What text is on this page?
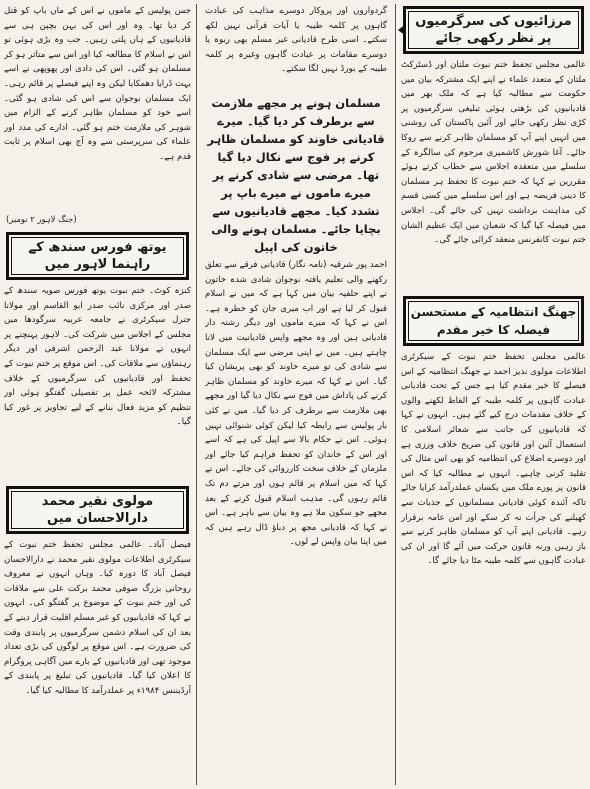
مرزائیوں کی سرگرمیوں پر نظر رکھی جائے

عالمی مجلس تحفظ ختم نبوت ملتان اور ڈسٹرکٹ ملتان کے متعدد علماء نے اپنے ایک مشترکہ بیان میں حکومت سے مطالبہ کیا ہے کہ ملک بھر میں قادیانیوں کی بڑھتی ہوئی تبلیغی سرگرمیوں پر کڑی نظر رکھی جائے اور آئین پاکستان کی روشنی میں انہیں اپنے آپ کو مسلمان ظاہر کرنے سے روکا جائے۔ آغا شورش کاشمیری مرحوم کی سالگرہ کے سلسلے میں منعقدہ اجلاس سے خطاب کرتے ہوئے مقررین نے کہا کہ ختم نبوت کا تحفظ ہر مسلمان کا دینی فریضہ ہے اور اس سلسلے میں کسی قسم کی مداہنت برداشت نہیں کی جائے گی۔ اجلاس میں فیصلہ کیا گیا کہ شعبان میں ایک عظیم الشان ختم نبوت کانفرنس منعقد کرائی جائے گی۔

جھنگ انتظامیہ کے مستحسن فیصلہ کا خیر مقدم

عالمی مجلس تحفظ ختم نبوت کے سیکرٹری اطلاعات مولوی نذیر احمد نے جھنگ انتظامیہ کے اس فیصلے کا خیر مقدم کیا ہے جس کے تحت قادیانی عبادت گاہوں پر کلمہ طیبہ کے الفاظ لکھنے والوں کے خلاف مقدمات درج کیے گئے ہیں۔ انہوں نے کہا کہ قادیانیوں کی جانب سے شعائر اسلامی کا استعمال آئین اور قانون کی صریح خلاف ورزی ہے اور دوسرے اضلاع کی انتظامیہ کو بھی اس مثال کی تقلید کرنی چاہیے۔ انہوں نے مطالبہ کیا کہ اس قانون پر پورے ملک میں یکساں عملدرآمد کرایا جائے تاکہ آئندہ کوئی قادیانی مسلمانوں کے جذبات سے کھیلنے کی جرأت نہ کر سکے اور امن عامہ برقرار رہے۔ قادیانی اپنے آپ کو مسلمان ظاہر کرنے سے باز رہیں ورنہ قانون حرکت میں آئے گا اور ان کی عبادت گاہوں سے کلمہ طیبہ مٹا دیا جائے گا۔

گردواروں اور پروکار دوسرے مذاہب کی عبادت گاہوں پر کلمہ طیبہ یا آیات قرآنی نہیں لکھ سکتے۔ اسی طرح قادیانی غیر مسلم بھی ربوہ یا دوسرے مقامات پر عبادت گاہوں وغیرہ پر کلمہ طیبہ کے بورڈ نہیں لگا سکتے۔

مسلمان ہونے پر مجھے ملازمت سے برطرف کر دیا گیا۔ میرے قادیانی خاوند کو مسلمان ظاہر کرنے پر فوج سے نکال دیا گیا تھا۔ مرضی سے شادی کرنے پر میرے ماموں نے میرے باپ پر تشدد کیا۔ مجھے قادیانیوں سے بچایا جائے۔ مسلمان ہونے والی خاتون کی اپیل

احمد پور شرقیہ (نامہ نگار) قادیانی فرقے سے تعلق رکھنے والی تعلیم یافتہ نوجوان شادی شدہ خاتون نے اپنے حلفیہ بیان میں کہا ہے کہ میں نے اسلام قبول کر لیا ہے اور اب میری جان کو خطرہ ہے۔ اس نے کہا کہ میرے ماموں اور دیگر رشتہ دار قادیانی ہیں اور وہ مجھے واپس قادیانیت میں لانا چاہتے ہیں۔ میں نے اپنی مرضی سے ایک مسلمان سے شادی کی تو میرے خاوند کو بھی پریشان کیا گیا۔ اس نے کہا کہ میرے خاوند کو مسلمان ظاہر کرنے کی پاداش میں فوج سے نکال دیا گیا اور مجھے بھی ملازمت سے برطرف کر دیا گیا۔ میں نے کئی بار پولیس سے رابطہ کیا لیکن کوئی شنوائی نہیں ہوئی۔ اس نے حکام بالا سے اپیل کی ہے کہ اسے اور اس کے خاندان کو تحفظ فراہم کیا جائے اور ملزمان کے خلاف سخت کارروائی کی جائے۔ اس نے کہا کہ میں اسلام پر قائم ہوں اور مرتے دم تک قائم رہوں گی۔ مذہب اسلام قبول کرنے کے بعد مجھے جو سکون ملا ہے وہ بیان سے باہر ہے۔ اس نے کہا کہ قادیانی مجھ پر دباؤ ڈال رہے ہیں کہ میں اپنا بیان واپس لے لوں۔

جس پولیس کے ماموں نے اس کے ماں باپ کو قتل کر دیا تھا۔ وہ اور اس کی بہن بچپن ہی سے قادیانیوں کے ہاں پلتی رہیں۔ جب وہ بڑی ہوئی تو اس نے اسلام کا مطالعہ کیا اور اس سے متاثر ہو کر مسلمان ہو گئی۔ اس کی دادی اور پھوپھی نے اسے بہت ڈرایا دھمکایا لیکن وہ اپنے فیصلے پر قائم رہی۔ ایک مسلمان نوجوان سے اس کی شادی ہو گئی۔ اسے خود کو مسلمان ظاہر کرنے کے الزام میں شوہر کی ملازمت ختم ہو گئی۔ ادارے کی مدد اور علماء کی سرپرستی سے وہ آج بھی اسلام پر ثابت قدم ہے۔

(جنگ لاہور ۲ نومبر)
یوتھ فورس سندھ کے راہنما لاہور میں

کنزہ کوٹ۔ ختم نبوت یوتھ فورس صوبہ سندھ کے صدر اور مرکزی نائب صدر ابو القاسم اور مولانا جنرل سیکرٹری نے جامعہ عربیہ سرگودھا میں مجلس کے اجلاس میں شرکت کی۔ لاہور پہنچنے پر انہوں نے مولانا عبد الرحمن اشرفی اور دیگر رہنماؤں سے ملاقات کی۔ اس موقع پر ختم نبوت کے تحفظ اور قادیانیوں کی سرگرمیوں کے خلاف مشترکہ لائحہ عمل پر تفصیلی گفتگو ہوئی اور تنظیم کو مزید فعال بنانے کے لیے تجاویز پر غور کیا گیا۔

مولوی نقیر محمد دارالاحسان میں

فیصل آباد۔ عالمی مجلس تحفظ ختم نبوت کے سیکرٹری اطلاعات مولوی نقیر محمد نے دارالاحسان فیصل آباد کا دورہ کیا۔ وہاں انہوں نے معروف روحانی بزرگ صوفی محمد برکت علی سے ملاقات کی اور ختم نبوت کے موضوع پر گفتگو کی۔ انہوں نے کہا کہ قادیانیوں کو غیر مسلم اقلیت قرار دینے کے بعد ان کی اسلام دشمن سرگرمیوں پر پابندی وقت کی ضرورت ہے۔ اس موقع پر لوگوں کی بڑی تعداد موجود تھی اور قادیانیوں کے بارے میں آگاہی پروگرام کا اعلان کیا گیا۔ قادیانیوں کی تبلیغ پر پابندی کے آرڈیننس ۱۹۸۴ء پر عملدرآمد کا مطالبہ کیا گیا۔
